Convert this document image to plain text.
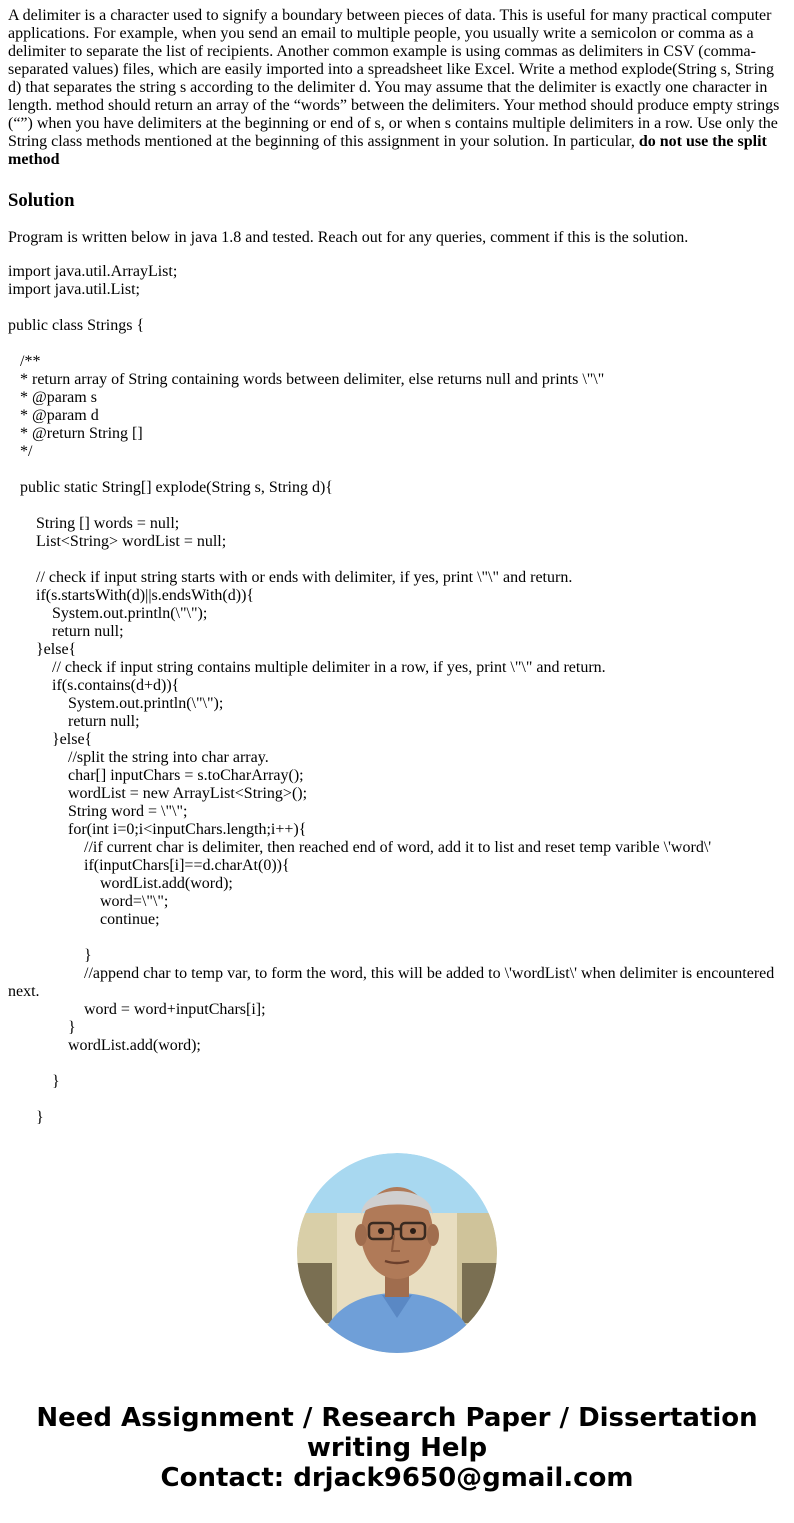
A delimiter is a character used to signify a boundary between pieces of data. This is useful for many practical computer applications. For example, when you send an email to multiple people, you usually write a semicolon or comma as a delimiter to separate the list of recipients. Another common example is using commas as delimiters in CSV (comma-separated values) files, which are easily imported into a spreadsheet like Excel. Write a method explode(String s, String d) that separates the string s according to the delimiter d. You may assume that the delimiter is exactly one character in length. method should return an array of the “words” between the delimiters. Your method should produce empty strings (“”) when you have delimiters at the beginning or end of s, or when s contains multiple delimiters in a row. Use only the String class methods mentioned at the beginning of this assignment in your solution. In particular, do not use the split method

Solution

Program is written below in java 1.8 and tested. Reach out for any queries, comment if this is the solution.

import java.util.ArrayList;
import java.util.List;
public class Strings {
/**
* return array of String containing words between delimiter, else returns null and prints \"\"
* @param s
* @param d
* @return String []
*/
public static String[] explode(String s, String d){
String [] words = null;
List<String> wordList = null;
// check if input string starts with or ends with delimiter, if yes, print \"\" and return.
if(s.startsWith(d)||s.endsWith(d)){
System.out.println(\"\");
return null;
}else{
// check if input string contains multiple delimiter in a row, if yes, print \"\" and return.
if(s.contains(d+d)){
System.out.println(\"\");
return null;
}else{
//split the string into char array.
char[] inputChars = s.toCharArray();
wordList = new ArrayList<String>();
String word = \"\";
for(int i=0;i<inputChars.length;i++){
//if current char is delimiter, then reached end of word, add it to list and reset temp varible \'word\'
if(inputChars[i]==d.charAt(0)){
wordList.add(word);
word=\"\";
continue;
}
//append char to temp var, to form the word, this will be added to \'wordList\' when delimiter is encountered next.
word = word+inputChars[i];
}
wordList.add(word);
}
}
Need Assignment / Research Paper / Dissertation
writing Help
Contact: drjack9650@gmail.com
